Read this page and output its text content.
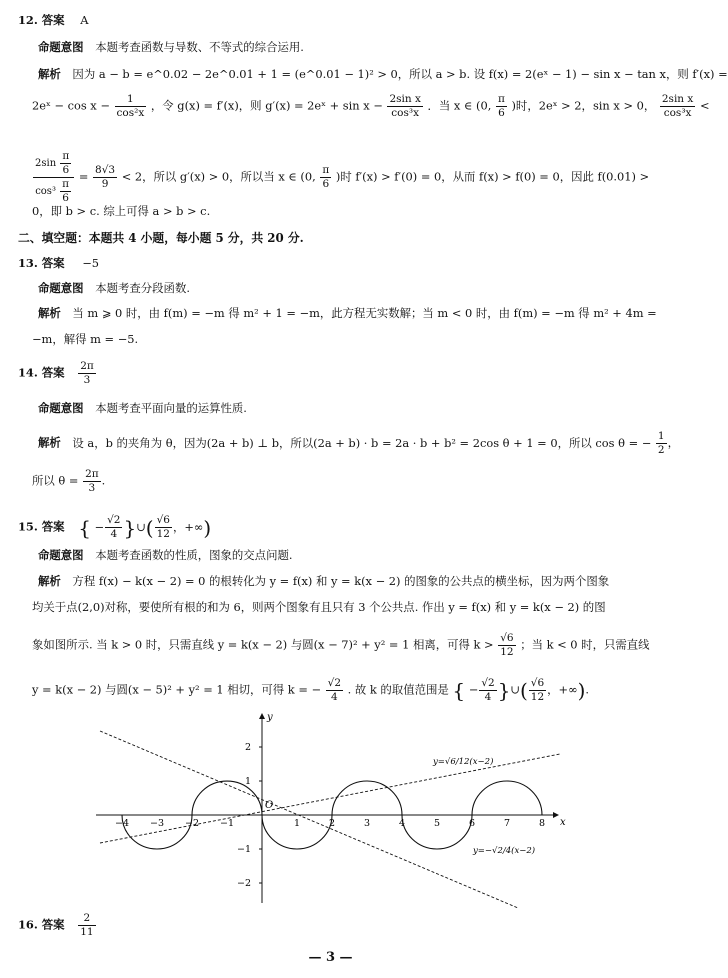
12. 答案 A
命题意图 本题考查函数与导数、不等式的综合运用.
解析 因为 a − b = e^0.02 − 2e^0.01 + 1 = (e^0.01 − 1)² > 0，所以 a > b. 设 f(x) = 2(eˣ − 1) − sin x − tan x，则 f′(x) =
2eˣ − $\cos x - \frac{1}{\text{cos²x}}$ ，令 g(x) = f′(x)，则 g′(x) = 2eˣ + $\sin x - \frac{\text{2sin x}}{\text{cos³x}}$ ．当 x ∈ (0, $\frac{\pi}{6}$ )时，2eˣ > 2，sin x > 0， $\frac{\text{2sin x}}{\text{cos³x}}$ <
$\frac{2\sin \frac{\pi}{6}}{\cos^3 \frac{\pi}{6}} = \frac{8√3}{9} < 2$，所以 g′(x) > 0，所以当 x ∈ (0, $\frac{\pi}{6}$ )时 f′(x) > f′(0) = 0，从而 f(x) > f(0) = 0，因此 f(0.01) >
0，即 b > c. 综上可得 a > b > c.
二、填空题：本题共 4 小题，每小题 5 分，共 20 分.
13. 答案 −5
命题意图 本题考查分段函数.
解析 当 m ⩾ 0 时，由 f(m) = −m 得 m² + 1 = −m，此方程无实数解；当 m < 0 时，由 f(m) = −m 得 m² + 4m =
−m，解得 m = −5.
14. 答案 $\frac{2\pi}{3}$
命题意图 本题考查平面向量的运算性质.
解析 设 a，b 的夹角为 θ，因为(2a + b) ⊥ b，所以(2a + b) · b = 2a · b + b² = 2cos θ + 1 = 0，所以 cos θ = − $\frac{1}{2}$ ，
所以 $\theta = \frac{2\pi}{3}$ .
15. 答案 { − $\frac{√2}{4}$ }∪( $\frac{√6}{12}$ ，+∞)
命题意图 本题考查函数的性质，图象的交点问题.
解析 方程 f(x) − k(x − 2) = 0 的根转化为 y = f(x) 和 y = k(x − 2) 的图象的公共点的横坐标，因为两个图象
均关于点(2,0)对称，要使所有根的和为 6，则两个图象有且只有 3 个公共点. 作出 y = f(x) 和 y = k(x − 2) 的图
象如图所示. 当 k > 0 时，只需直线 y = k(x − 2) 与圆(x − 7)² + y² = 1 相离，可得 $k > \frac{√6}{12}$ ；当 k < 0 时，只需直线
y = k(x − 2) 与圆(x − 5)² + y² = 1 相切，可得 k = − $\frac{√2}{4}$ . 故 k 的取值范围是 { − $\frac{√2}{4}$ }∪( $\frac{√6}{12}$ ，+∞).
x
y
O
−4 −3 −2 −1	1	2	3	4	5	6	7	8
2
1
−1
−2
y=√6/12(x−2)
y=−√2/4(x−2)
16. 答案 $\frac{2}{11}$
— 3 —
